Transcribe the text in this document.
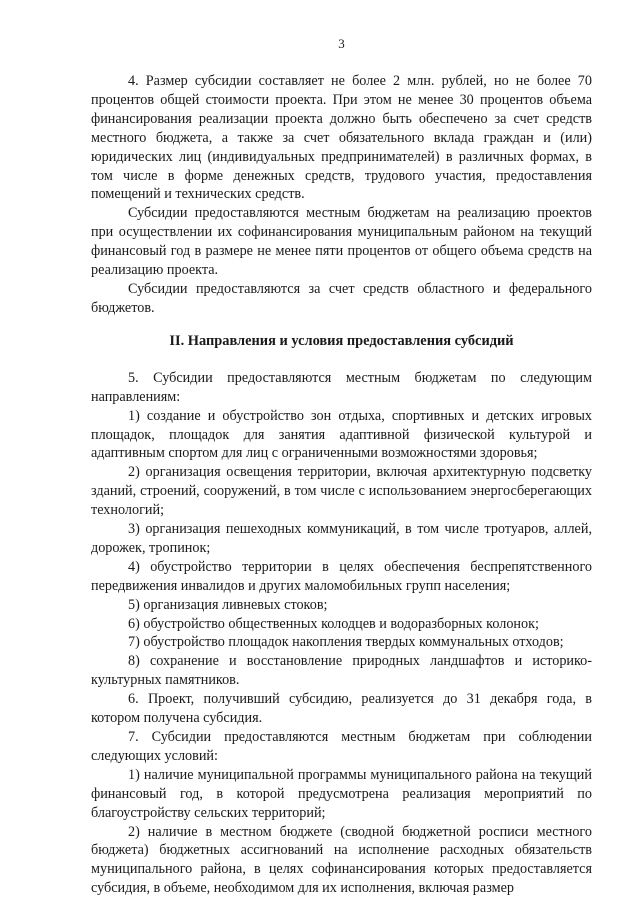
3

4. Размер субсидии составляет не более 2 млн. рублей, но не более 70 процентов общей стоимости проекта. При этом не менее 30 процентов объема финансирования реализации проекта должно быть обеспечено за счет средств местного бюджета, а также за счет обязательного вклада граждан и (или) юридических лиц (индивидуальных предпринимателей) в различных формах, в том числе в форме денежных средств, трудового участия, предоставления помещений и технических средств.

Субсидии предоставляются местным бюджетам на реализацию проектов при осуществлении их софинансирования муниципальным районом на текущий финансовый год в размере не менее пяти процентов от общего объема средств на реализацию проекта.

Субсидии предоставляются за счет средств областного и федерального бюджетов.

II. Направления и условия предоставления субсидий

5. Субсидии предоставляются местным бюджетам по следующим направлениям:

1) создание и обустройство зон отдыха, спортивных и детских игровых площадок, площадок для занятия адаптивной физической культурой и адаптивным спортом для лиц с ограниченными возможностями здоровья;

2) организация освещения территории, включая архитектурную подсветку зданий, строений, сооружений, в том числе с использованием энергосберегающих технологий;

3) организация пешеходных коммуникаций, в том числе тротуаров, аллей, дорожек, тропинок;

4) обустройство территории в целях обеспечения беспрепятственного передвижения инвалидов и других маломобильных групп населения;

5) организация ливневых стоков;

6) обустройство общественных колодцев и водоразборных колонок;

7) обустройство площадок накопления твердых коммунальных отходов;

8) сохранение и восстановление природных ландшафтов и историко-культурных памятников.

6. Проект, получивший субсидию, реализуется до 31 декабря года, в котором получена субсидия.

7. Субсидии предоставляются местным бюджетам при соблюдении следующих условий:

1) наличие муниципальной программы муниципального района на текущий финансовый год, в которой предусмотрена реализация мероприятий по благоустройству сельских территорий;

2) наличие в местном бюджете (сводной бюджетной росписи местного бюджета) бюджетных ассигнований на исполнение расходных обязательств муниципального района, в целях софинансирования которых предоставляется субсидия, в объеме, необходимом для их исполнения, включая размер
